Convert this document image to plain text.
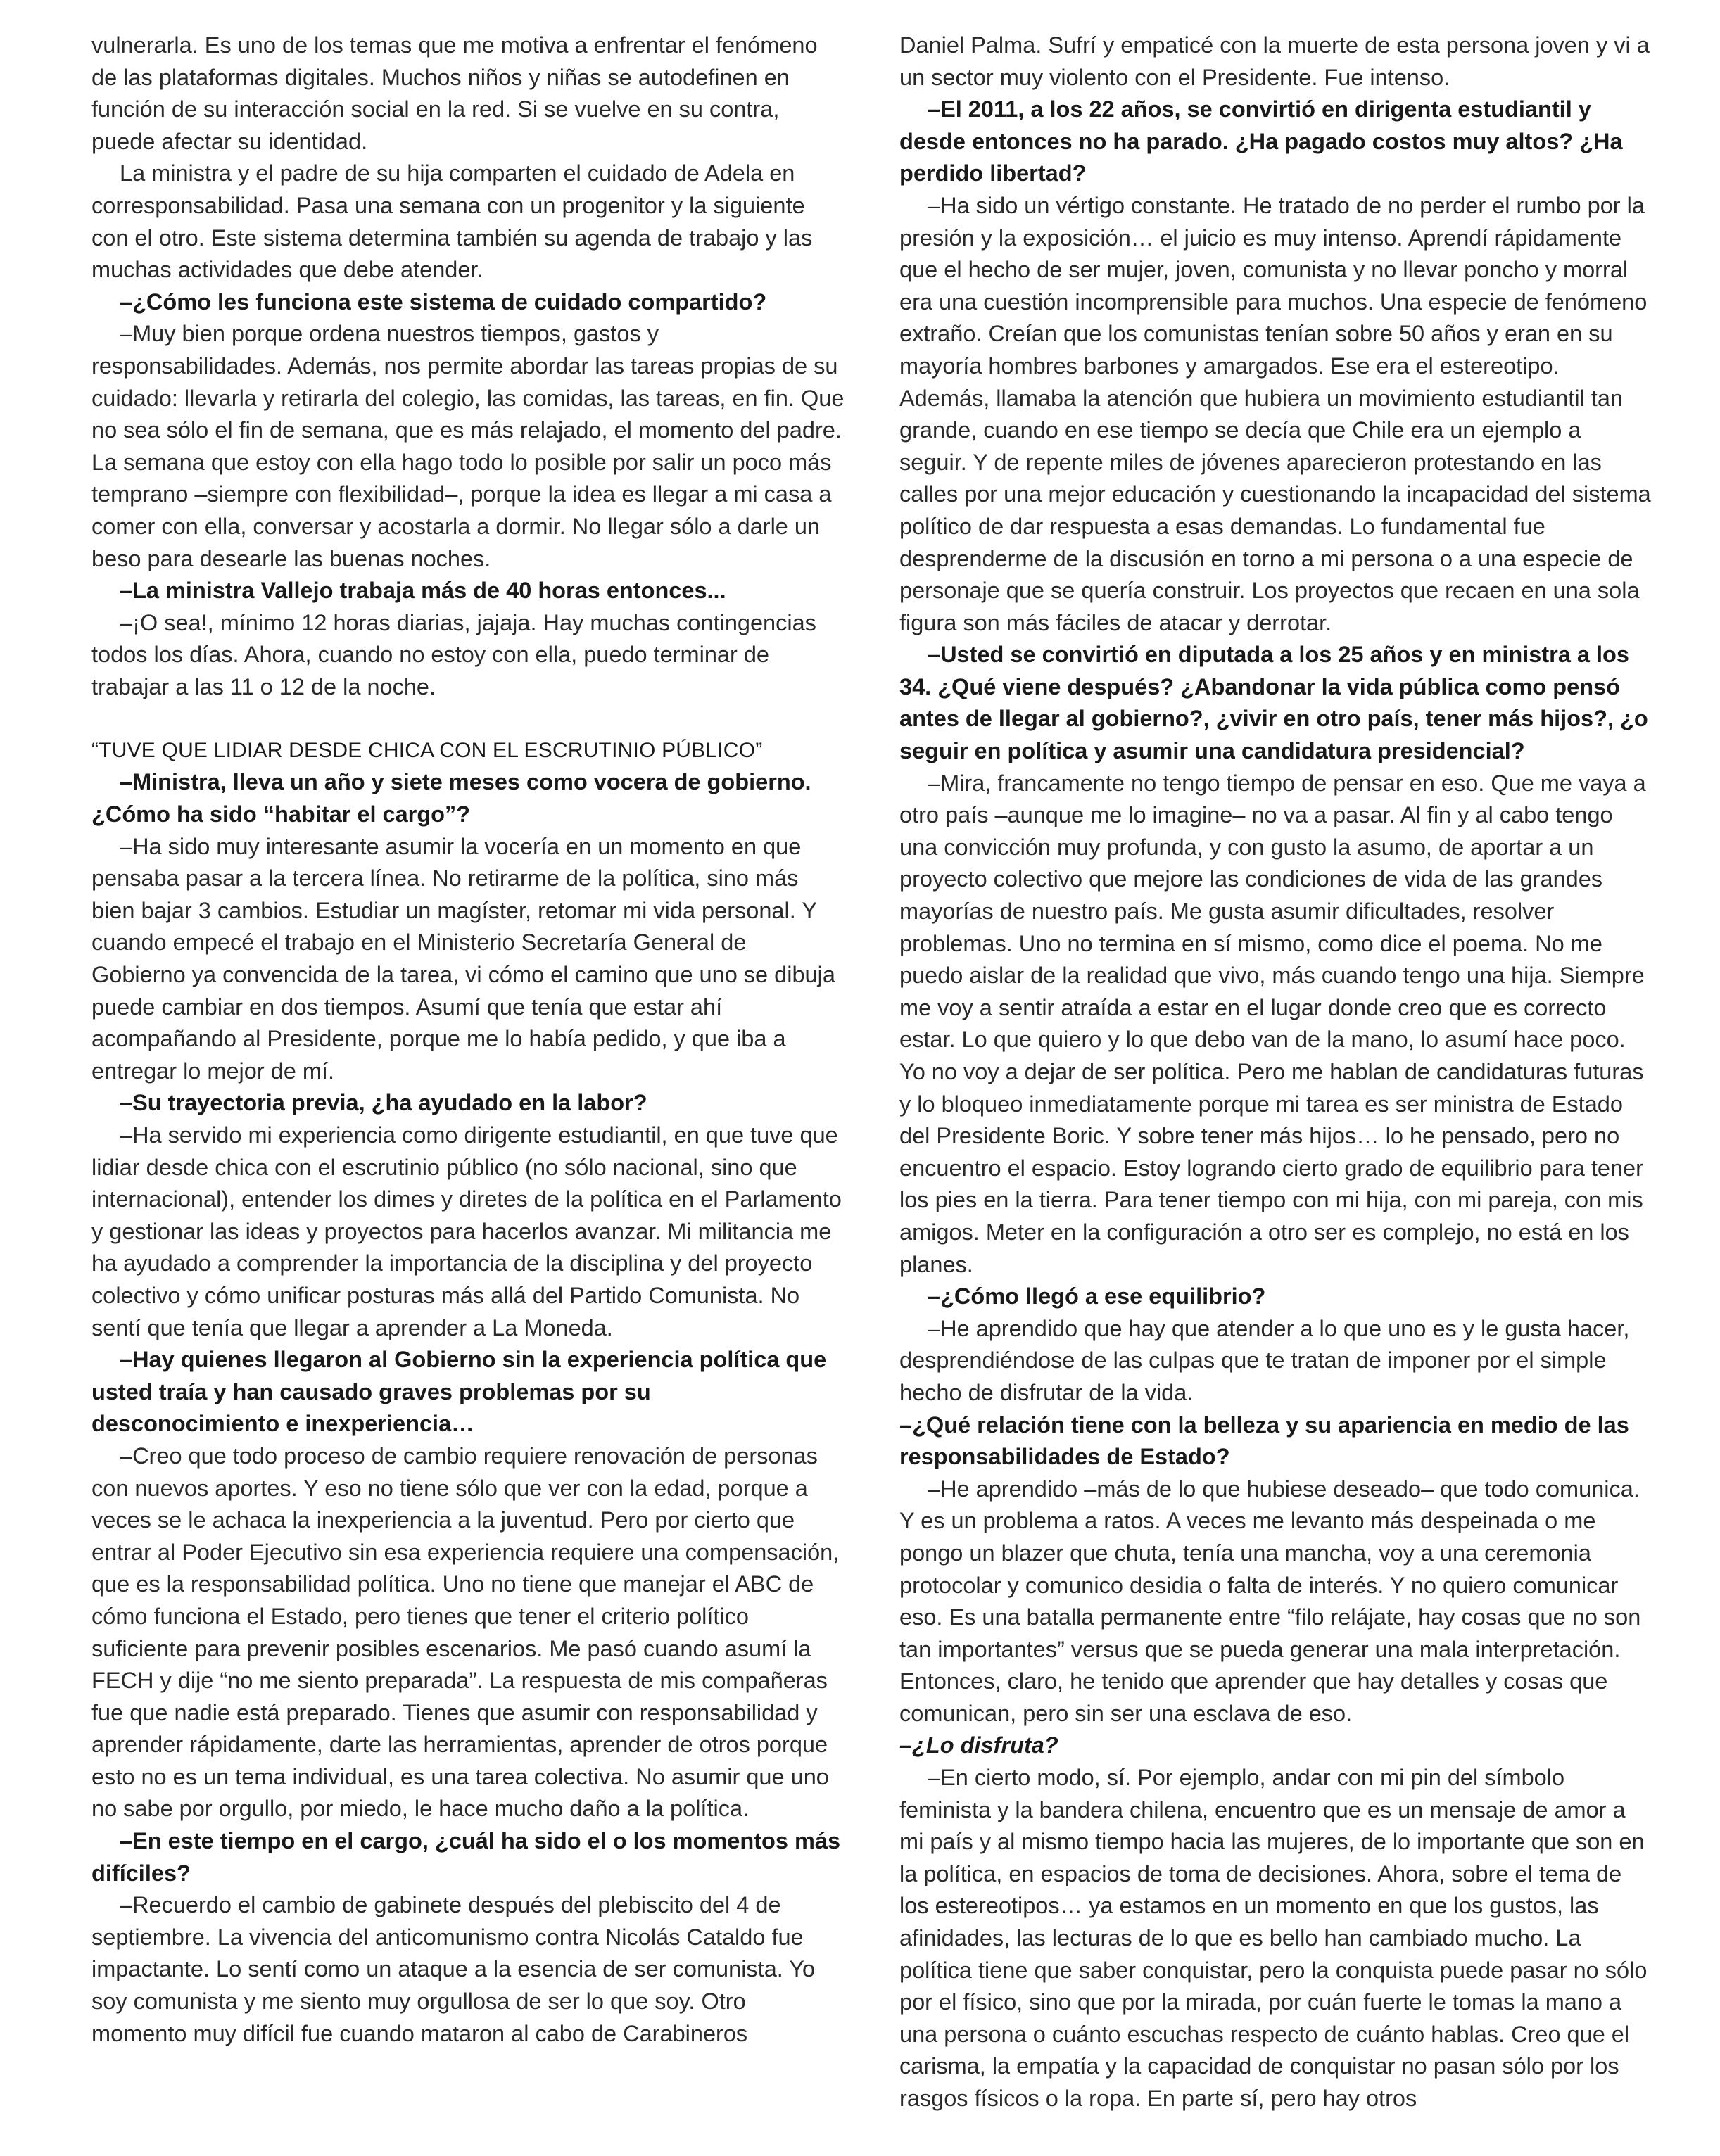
vulnerarla. Es uno de los temas que me motiva a enfrentar el fenómeno de las plataformas digitales. Muchos niños y niñas se autodefinen en función de su interacción social en la red. Si se vuelve en su contra, puede afectar su identidad.

La ministra y el padre de su hija comparten el cuidado de Adela en corresponsabilidad. Pasa una semana con un progenitor y la siguiente con el otro. Este sistema determina también su agenda de trabajo y las muchas actividades que debe atender.

–¿Cómo les funciona este sistema de cuidado compartido?

–Muy bien porque ordena nuestros tiempos, gastos y responsabilidades. Además, nos permite abordar las tareas propias de su cuidado: llevarla y retirarla del colegio, las comidas, las tareas, en fin. Que no sea sólo el fin de semana, que es más relajado, el momento del padre. La semana que estoy con ella hago todo lo posible por salir un poco más temprano –siempre con flexibilidad–, porque la idea es llegar a mi casa a comer con ella, conversar y acostarla a dormir. No llegar sólo a darle un beso para desearle las buenas noches.

–La ministra Vallejo trabaja más de 40 horas entonces...

–¡O sea!, mínimo 12 horas diarias, jajaja. Hay muchas contingencias todos los días. Ahora, cuando no estoy con ella, puedo terminar de trabajar a las 11 o 12 de la noche.

“TUVE QUE LIDIAR DESDE CHICA CON EL ESCRUTINIO PÚBLICO”

–Ministra, lleva un año y siete meses como vocera de gobierno. ¿Cómo ha sido “habitar el cargo”?

–Ha sido muy interesante asumir la vocería en un momento en que pensaba pasar a la tercera línea. No retirarme de la política, sino más bien bajar 3 cambios. Estudiar un magíster, retomar mi vida personal. Y cuando empecé el trabajo en el Ministerio Secretaría General de Gobierno ya convencida de la tarea, vi cómo el camino que uno se dibuja puede cambiar en dos tiempos. Asumí que tenía que estar ahí acompañando al Presidente, porque me lo había pedido, y que iba a entregar lo mejor de mí.

–Su trayectoria previa, ¿ha ayudado en la labor?

–Ha servido mi experiencia como dirigente estudiantil, en que tuve que lidiar desde chica con el escrutinio público (no sólo nacional, sino que internacional), entender los dimes y diretes de la política en el Parlamento y gestionar las ideas y proyectos para hacerlos avanzar. Mi militancia me ha ayudado a comprender la importancia de la disciplina y del proyecto colectivo y cómo unificar posturas más allá del Partido Comunista. No sentí que tenía que llegar a aprender a La Moneda.

–Hay quienes llegaron al Gobierno sin la experiencia política que usted traía y han causado graves problemas por su desconocimiento e inexperiencia…

–Creo que todo proceso de cambio requiere renovación de personas con nuevos aportes. Y eso no tiene sólo que ver con la edad, porque a veces se le achaca la inexperiencia a la juventud. Pero por cierto que entrar al Poder Ejecutivo sin esa experiencia requiere una compensación, que es la responsabilidad política. Uno no tiene que manejar el ABC de cómo funciona el Estado, pero tienes que tener el criterio político suficiente para prevenir posibles escenarios. Me pasó cuando asumí la FECH y dije “no me siento preparada”. La respuesta de mis compañeras fue que nadie está preparado. Tienes que asumir con responsabilidad y aprender rápidamente, darte las herramientas, aprender de otros porque esto no es un tema individual, es una tarea colectiva. No asumir que uno no sabe por orgullo, por miedo, le hace mucho daño a la política.

–En este tiempo en el cargo, ¿cuál ha sido el o los momentos más difíciles?

–Recuerdo el cambio de gabinete después del plebiscito del 4 de septiembre. La vivencia del anticomunismo contra Nicolás Cataldo fue impactante. Lo sentí como un ataque a la esencia de ser comunista. Yo soy comunista y me siento muy orgullosa de ser lo que soy. Otro momento muy difícil fue cuando mataron al cabo de Carabineros

Daniel Palma. Sufrí y empaticé con la muerte de esta persona joven y vi a un sector muy violento con el Presidente. Fue intenso.

–El 2011, a los 22 años, se convirtió en dirigenta estudiantil y desde entonces no ha parado. ¿Ha pagado costos muy altos? ¿Ha perdido libertad?

–Ha sido un vértigo constante. He tratado de no perder el rumbo por la presión y la exposición… el juicio es muy intenso. Aprendí rápidamente que el hecho de ser mujer, joven, comunista y no llevar poncho y morral era una cuestión incomprensible para muchos. Una especie de fenómeno extraño. Creían que los comunistas tenían sobre 50 años y eran en su mayoría hombres barbones y amargados. Ese era el estereotipo. Además, llamaba la atención que hubiera un movimiento estudiantil tan grande, cuando en ese tiempo se decía que Chile era un ejemplo a seguir. Y de repente miles de jóvenes aparecieron protestando en las calles por una mejor educación y cuestionando la incapacidad del sistema político de dar respuesta a esas demandas. Lo fundamental fue desprenderme de la discusión en torno a mi persona o a una especie de personaje que se quería construir. Los proyectos que recaen en una sola figura son más fáciles de atacar y derrotar.

–Usted se convirtió en diputada a los 25 años y en ministra a los 34. ¿Qué viene después? ¿Abandonar la vida pública como pensó antes de llegar al gobierno?, ¿vivir en otro país, tener más hijos?, ¿o seguir en política y asumir una candidatura presidencial?

–Mira, francamente no tengo tiempo de pensar en eso. Que me vaya a otro país –aunque me lo imagine– no va a pasar. Al fin y al cabo tengo una convicción muy profunda, y con gusto la asumo, de aportar a un proyecto colectivo que mejore las condiciones de vida de las grandes mayorías de nuestro país. Me gusta asumir dificultades, resolver problemas. Uno no termina en sí mismo, como dice el poema. No me puedo aislar de la realidad que vivo, más cuando tengo una hija. Siempre me voy a sentir atraída a estar en el lugar donde creo que es correcto estar. Lo que quiero y lo que debo van de la mano, lo asumí hace poco. Yo no voy a dejar de ser política. Pero me hablan de candidaturas futuras y lo bloqueo inmediatamente porque mi tarea es ser ministra de Estado del Presidente Boric. Y sobre tener más hijos… lo he pensado, pero no encuentro el espacio. Estoy logrando cierto grado de equilibrio para tener los pies en la tierra. Para tener tiempo con mi hija, con mi pareja, con mis amigos. Meter en la configuración a otro ser es complejo, no está en los planes.

–¿Cómo llegó a ese equilibrio?

–He aprendido que hay que atender a lo que uno es y le gusta hacer, desprendiéndose de las culpas que te tratan de imponer por el simple hecho de disfrutar de la vida.

–¿Qué relación tiene con la belleza y su apariencia en medio de las responsabilidades de Estado?

–He aprendido –más de lo que hubiese deseado– que todo comunica. Y es un problema a ratos. A veces me levanto más despeinada o me pongo un blazer que chuta, tenía una mancha, voy a una ceremonia protocolar y comunico desidia o falta de interés. Y no quiero comunicar eso. Es una batalla permanente entre “filo relájate, hay cosas que no son tan importantes” versus que se pueda generar una mala interpretación. Entonces, claro, he tenido que aprender que hay detalles y cosas que comunican, pero sin ser una esclava de eso.

–¿Lo disfruta?

–En cierto modo, sí. Por ejemplo, andar con mi pin del símbolo feminista y la bandera chilena, encuentro que es un mensaje de amor a mi país y al mismo tiempo hacia las mujeres, de lo importante que son en la política, en espacios de toma de decisiones. Ahora, sobre el tema de los estereotipos… ya estamos en un momento en que los gustos, las afinidades, las lecturas de lo que es bello han cambiado mucho. La política tiene que saber conquistar, pero la conquista puede pasar no sólo por el físico, sino que por la mirada, por cuán fuerte le tomas la mano a una persona o cuánto escuchas respecto de cuánto hablas. Creo que el carisma, la empatía y la capacidad de conquistar no pasan sólo por los rasgos físicos o la ropa. En parte sí, pero hay otros
